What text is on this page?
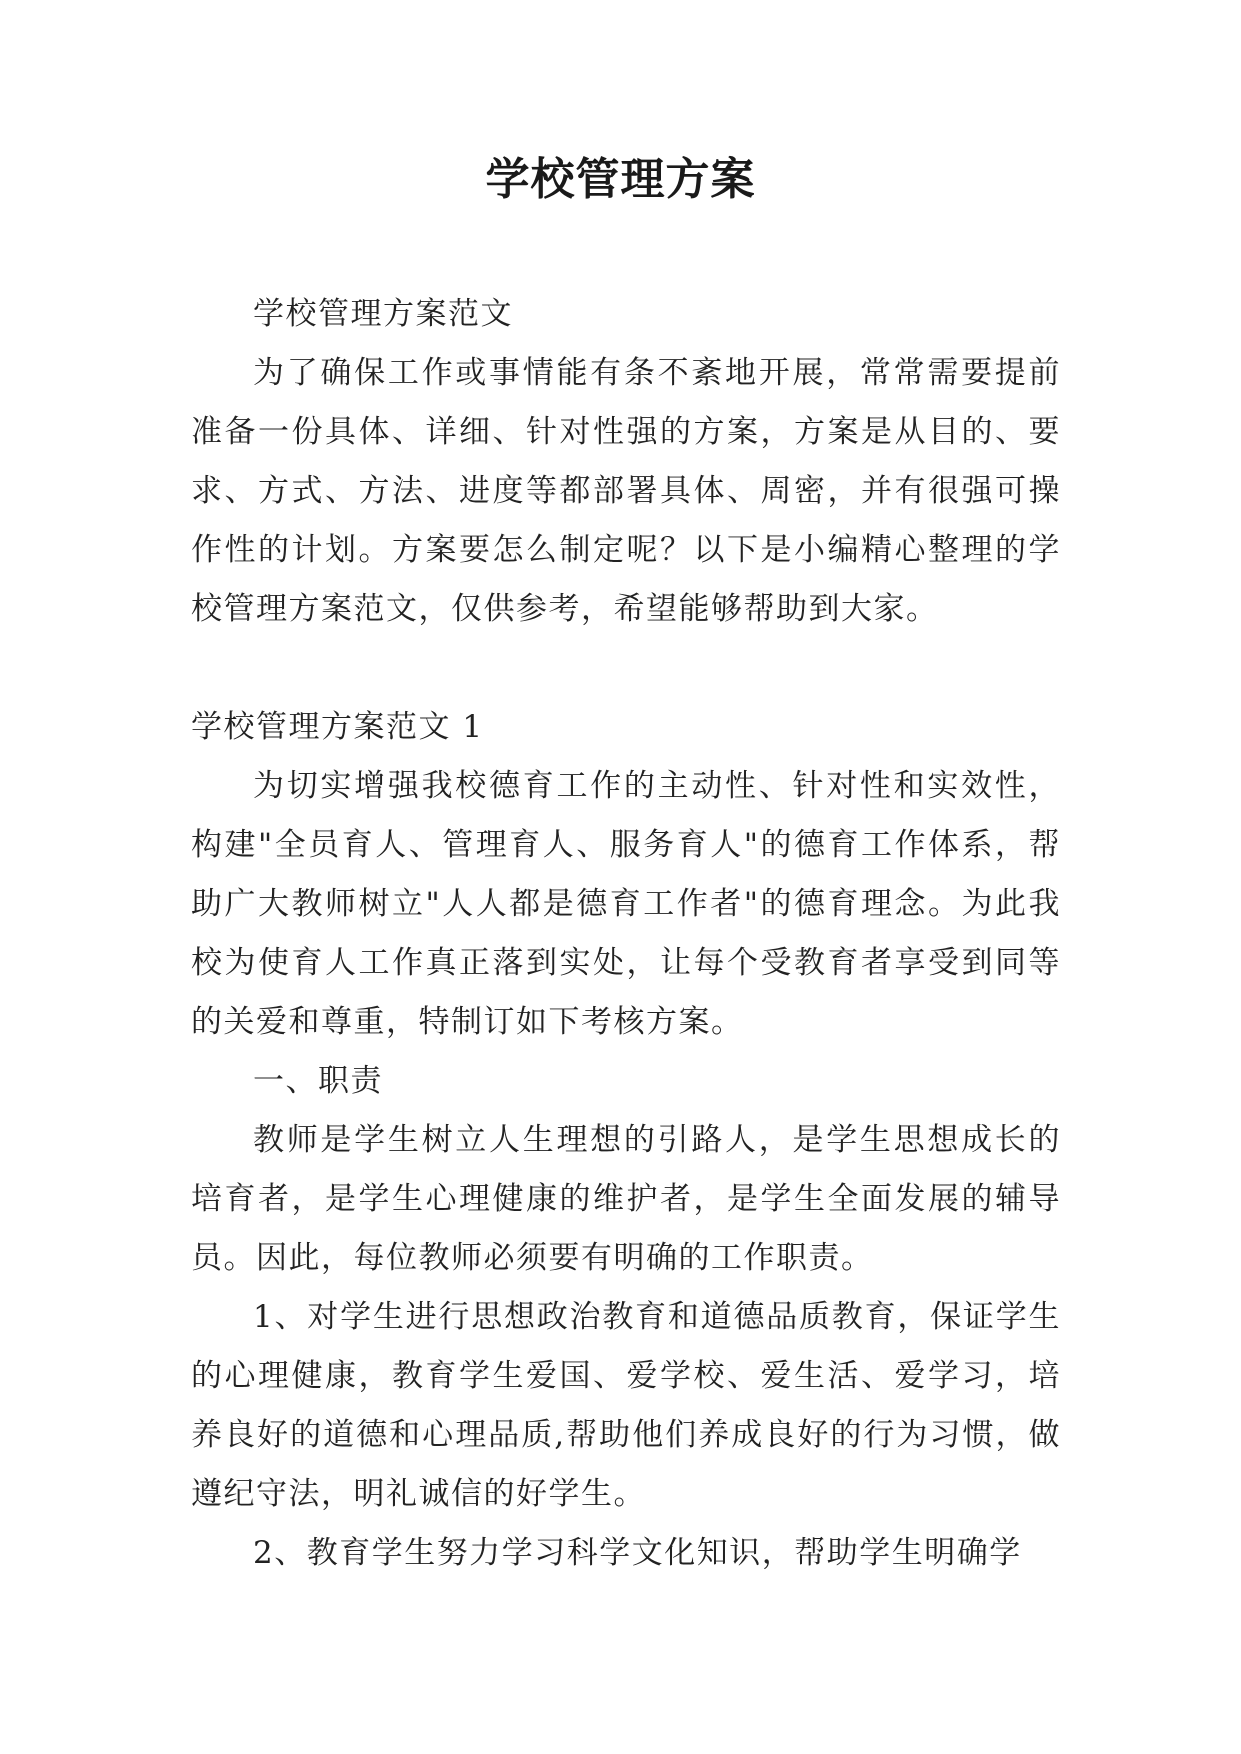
学校管理方案

学校管理方案范文

为了确保工作或事情能有条不紊地开展，常常需要提前准备一份具体、详细、针对性强的方案，方案是从目的、要求、方式、方法、进度等都部署具体、周密，并有很强可操作性的计划。方案要怎么制定呢？以下是小编精心整理的学校管理方案范文，仅供参考，希望能够帮助到大家。

学校管理方案范文 1

为切实增强我校德育工作的主动性、针对性和实效性，构建"全员育人、管理育人、服务育人"的德育工作体系，帮助广大教师树立"人人都是德育工作者"的德育理念。为此我校为使育人工作真正落到实处，让每个受教育者享受到同等的关爱和尊重，特制订如下考核方案。

一、职责

教师是学生树立人生理想的引路人，是学生思想成长的培育者，是学生心理健康的维护者，是学生全面发展的辅导员。因此，每位教师必须要有明确的工作职责。

1、对学生进行思想政治教育和道德品质教育，保证学生的心理健康，教育学生爱国、爱学校、爱生活、爱学习，培养良好的道德和心理品质,帮助他们养成良好的行为习惯，做遵纪守法，明礼诚信的好学生。

2、教育学生努力学习科学文化知识，帮助学生明确学
